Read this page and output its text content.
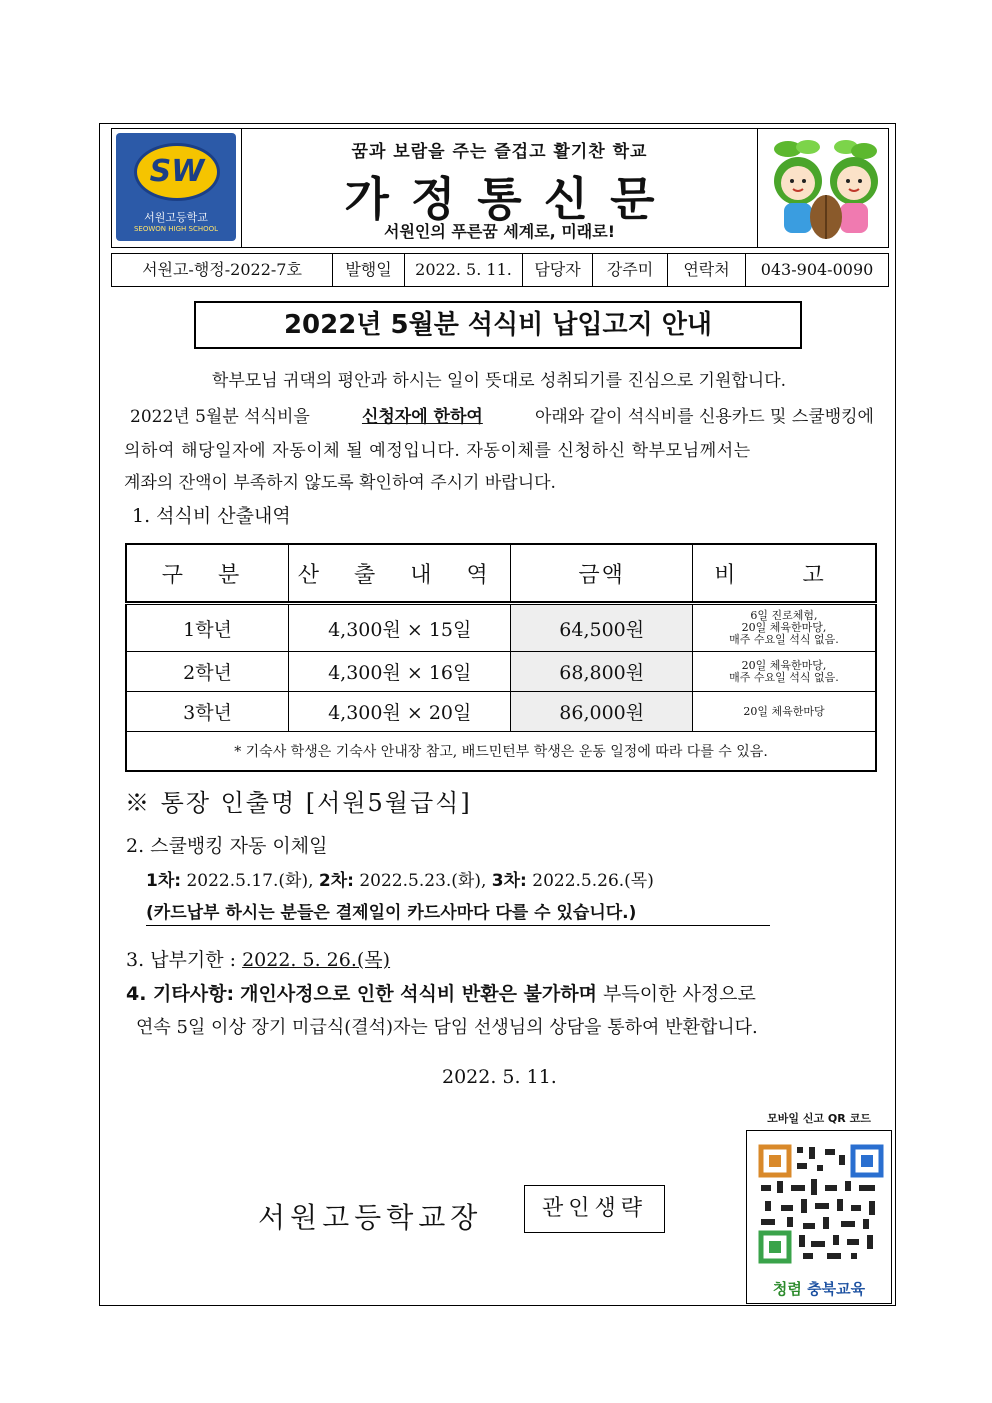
SW
서원고등학교
SEOWON HIGH SCHOOL
꿈과 보람을 주는 즐겁고 활기찬 학교
가정통신문
서원인의 푸른꿈 세계로, 미래로!
서원고-행정-2022-7호	발행일	2022. 5. 11.	담당자	강주미	연락처	043-904-0090
2022년 5월분 석식비 납입고지 안내
학부모님 귀댁의 평안과 하시는 일이 뜻대로 성취되기를 진심으로 기원합니다.
2022년 5월분 석식비을	신청자에 한하여	아래와 같이 석식비를 신용카드 및 스쿨뱅킹에
의하여 해당일자에 자동이체 될 예정입니다. 자동이체를 신청하신 학부모님께서는
계좌의 잔액이 부족하지 않도록 확인하여 주시기 바랍니다.
1. 석식비 산출내역
구 분	산 출 내 역	금액	비 고

1학년	4,300원 × 15일	64,500원	6일 진로체험,
20일 체육한마당,
매주 수요일 석식 없음.

2학년	4,300원 × 16일	68,800원	20일 체육한마당,
매주 수요일 석식 없음.

3학년	4,300원 × 20일	86,000원	20일 체육한마당

* 기숙사 학생은 기숙사 안내장 참고, 배드민턴부 학생은 운동 일정에 따라 다를 수 있음.			
※ 통장 인출명 [서원5월급식]
2. 스쿨뱅킹 자동 이체일
1차: 2022.5.17.(화), 2차: 2022.5.23.(화), 3차: 2022.5.26.(목)
(카드납부 하시는 분들은 결제일이 카드사마다 다를 수 있습니다.)
3. 납부기한 : 2022. 5. 26.(목)
4. 기타사항: 개인사정으로 인한 석식비 반환은 불가하며 부득이한 사정으로
연속 5일 이상 장기 미급식(결석)자는 담임 선생님의 상담을 통하여 반환합니다.
2022. 5. 11.
모바일 신고 QR 코드
청렴 충북교육
서원고등학교장	관인생략
